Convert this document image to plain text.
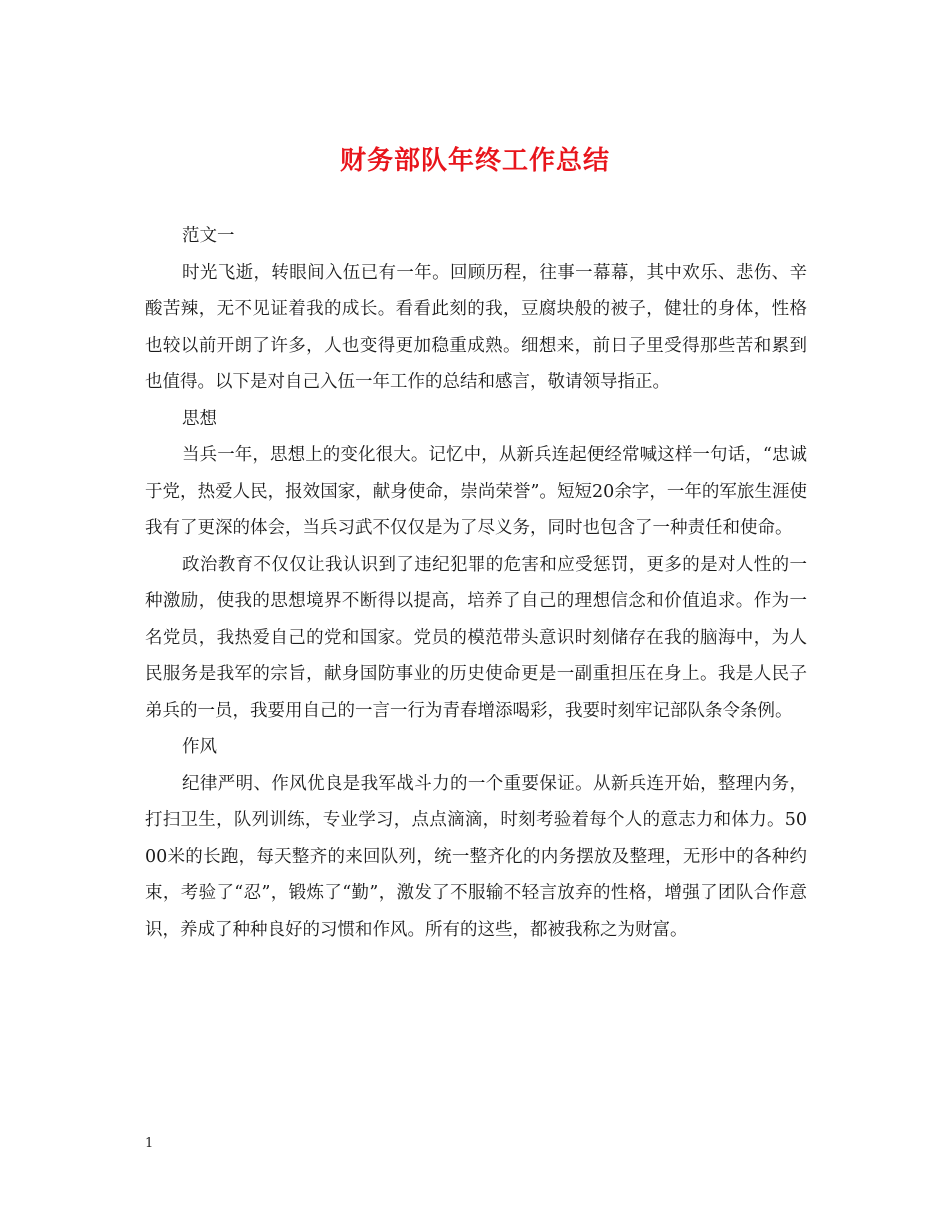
财务部队年终工作总结

范文一

时光飞逝，转眼间入伍已有一年。回顾历程，往事一幕幕，其中欢乐、悲伤、辛酸苦辣，无不见证着我的成长。看看此刻的我，豆腐块般的被子，健壮的身体，性格也较以前开朗了许多，人也变得更加稳重成熟。细想来，前日子里受得那些苦和累到也值得。以下是对自己入伍一年工作的总结和感言，敬请领导指正。

思想

当兵一年，思想上的变化很大。记忆中，从新兵连起便经常喊这样一句话，“忠诚于党，热爱人民，报效国家，献身使命，崇尚荣誉”。短短20余字，一年的军旅生涯使我有了更深的体会，当兵习武不仅仅是为了尽义务，同时也包含了一种责任和使命。

政治教育不仅仅让我认识到了违纪犯罪的危害和应受惩罚，更多的是对人性的一种激励，使我的思想境界不断得以提高，培养了自己的理想信念和价值追求。作为一名党员，我热爱自己的党和国家。党员的模范带头意识时刻储存在我的脑海中，为人民服务是我军的宗旨，献身国防事业的历史使命更是一副重担压在身上。我是人民子弟兵的一员，我要用自己的一言一行为青春增添喝彩，我要时刻牢记部队条令条例。

作风

纪律严明、作风优良是我军战斗力的一个重要保证。从新兵连开始，整理内务，打扫卫生，队列训练，专业学习，点点滴滴，时刻考验着每个人的意志力和体力。5000米的长跑，每天整齐的来回队列，统一整齐化的内务摆放及整理，无形中的各种约束，考验了“忍”，锻炼了“勤”，激发了不服输不轻言放弃的性格，增强了团队合作意识，养成了种种良好的习惯和作风。所有的这些，都被我称之为财富。

1
